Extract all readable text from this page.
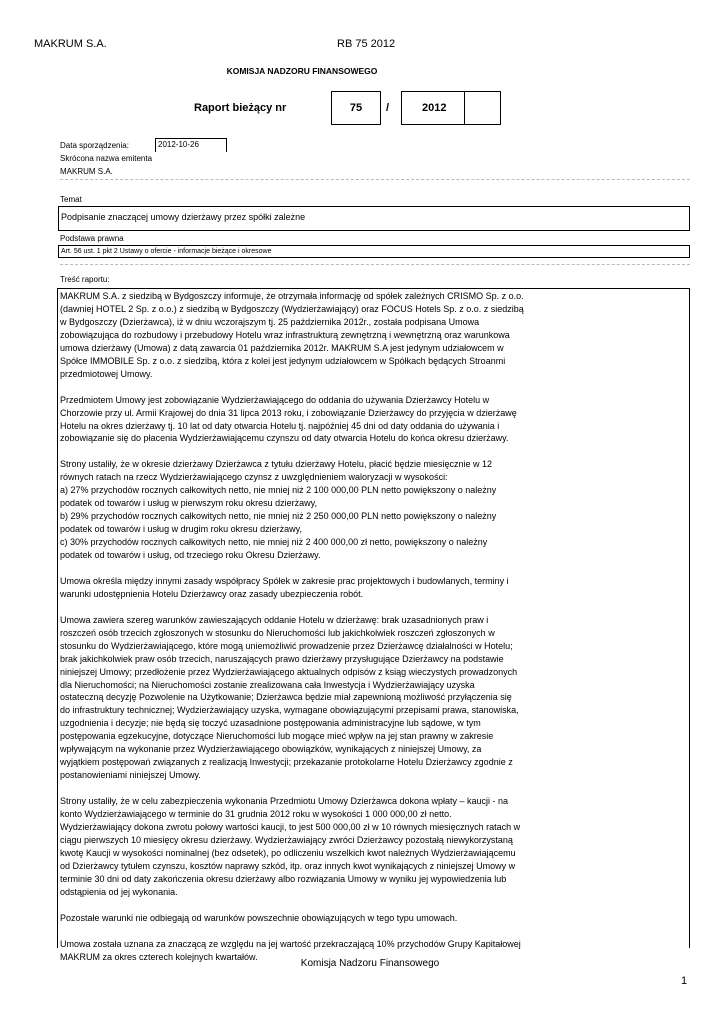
MAKRUM S.A.	RB 75 2012
KOMISJA NADZORU FINANSOWEGO
Raport bieżący nr	75	/	2012
Data sporządzenia:	2012-10-26
Skrócona nazwa emitenta
MAKRUM S.A.
Temat
Podpisanie znaczącej umowy dzierżawy przez spółki zależne
Podstawa prawna
Art. 56 ust. 1 pkt 2 Ustawy o ofercie - informacje bieżące i okresowe
Treść raportu:

MAKRUM S.A. z siedzibą w Bydgoszczy informuje, że otrzymała informację od spółek zależnych CRISMO Sp. z o.o.
(dawniej HOTEL 2 Sp. z o.o.) z siedzibą w Bydgoszczy (Wydzierżawiający) oraz FOCUS Hotels Sp. z o.o. z siedzibą
w Bydgoszczy (Dzierżawca), iż w dniu wczorajszym tj. 25 października 2012r., została podpisana Umowa
zobowiązująca do rozbudowy i przebudowy Hotelu wraz infrastrukturą zewnętrzną i wewnętrzną oraz warunkowa
umowa dzierżawy (Umowa) z datą zawarcia 01 października 2012r. MAKRUM S.A jest jedynym udziałowcem w
Spółce IMMOBILE Sp. z o.o. z siedzibą, która z kolei jest jedynym udziałowcem w Spółkach będących Stroanmi
przedmiotowej Umowy.

Przedmiotem Umowy jest zobowiązanie Wydzierżawiającego do oddania do używania Dzierżawcy Hotelu w
Chorzowie przy ul. Armii Krajowej do dnia 31 lipca 2013 roku, i zobowiązanie Dzierżawcy do przyjęcia w dzierżawę
Hotelu na okres dzierżawy tj. 10 lat od daty otwarcia Hotelu tj. najpóźniej 45 dni od daty oddania do używania i
zobowiązanie się do płacenia Wydzierżawiającemu czynszu od daty otwarcia Hotelu do końca okresu dzierżawy.

Strony ustaliły, że w okresie dzierżawy Dzierżawca z tytułu dzierżawy Hotelu, płacić będzie miesięcznie w 12
równych ratach na rzecz Wydzierżawiającego czynsz z uwzględnieniem waloryzacji w wysokości:
a) 27% przychodów rocznych całkowitych netto, nie mniej niż 2 100 000,00 PLN netto powiększony o należny
podatek od towarów i usług w pierwszym roku okresu dzierżawy,
b) 29% przychodów rocznych całkowitych netto, nie mniej niż 2 250 000,00 PLN netto powiększony o należny
podatek od towarów i usług w drugim roku okresu dzierżawy,
c) 30% przychodów rocznych całkowitych netto, nie mniej niż 2 400 000,00 zł netto, powiększony o należny
podatek od towarów i usług, od trzeciego roku Okresu Dzierżawy.

Umowa określa między innymi zasady współpracy Spółek w zakresie prac projektowych i budowlanych, terminy i
warunki udostępnienia Hotelu Dzierżawcy oraz zasady ubezpieczenia robót.

Umowa zawiera szereg warunków zawieszających oddanie Hotelu w dzierżawę: brak uzasadnionych praw i
roszczeń osób trzecich zgłoszonych w stosunku do Nieruchomości lub jakichkolwiek roszczeń zgłoszonych w
stosunku do Wydzierżawiającego, które mogą uniemożliwić prowadzenie przez Dzierżawcę działalności w Hotelu;
brak jakichkolwiek praw osób trzecich, naruszających prawo dzierżawy przysługujące Dzierżawcy na podstawie
niniejszej Umowy; przedłożenie przez Wydzierżawiającego aktualnych odpisów z ksiąg wieczystych prowadzonych
dla Nieruchomości; na Nieruchomości zostanie zrealizowana cała Inwestycja i Wydzierżawiający uzyska
ostateczną decyzję Pozwolenie na Użytkowanie; Dzierżawca będzie miał zapewnioną możliwość przyłączenia się
do infrastruktury technicznej; Wydzierżawiający uzyska, wymagane obowiązującymi przepisami prawa, stanowiska,
uzgodnienia i decyzje; nie będą się toczyć uzasadnione postępowania administracyjne lub sądowe, w tym
postępowania egzekucyjne, dotyczące Nieruchomości lub mogące mieć wpływ na jej stan prawny w zakresie
wpływającym na wykonanie przez Wydzierżawiającego obowiązków, wynikających z niniejszej Umowy, za
wyjątkiem postępowań związanych z realizacją Inwestycji; przekazanie protokolarne Hotelu Dzierżawcy zgodnie z
postanowieniami niniejszej Umowy.

Strony ustaliły, że w celu zabezpieczenia wykonania Przedmiotu Umowy Dzierżawca dokona wpłaty – kaucji - na
konto Wydzierżawiającego w terminie do 31 grudnia 2012 roku w wysokości 1 000 000,00 zł netto.
Wydzierżawiający dokona zwrotu połowy wartości kaucji, to jest 500 000,00 zł w 10 równych miesięcznych ratach w
ciągu pierwszych 10 miesięcy okresu dzierżawy. Wydzierżawiający zwróci Dzierżawcy pozostałą niewykorzystaną
kwotę Kaucji w wysokości nominalnej (bez odsetek), po odliczeniu wszelkich kwot należnych Wydzierżawiającemu
od Dzierżawcy tytułem czynszu, kosztów naprawy szkód, itp. oraz innych kwot wynikających z niniejszej Umowy w
terminie 30 dni od daty zakończenia okresu dzierżawy albo rozwiązania Umowy w wyniku jej wypowiedzenia lub
odstąpienia od jej wykonania.

Pozostałe warunki nie odbiegają od warunków powszechnie obowiązujących w tego typu umowach.

Umowa została uznana za znaczącą ze względu na jej wartość przekraczającą 10% przychodów Grupy Kapitałowej
MAKRUM za okres czterech kolejnych kwartałów.

Komisja Nadzoru Finansowego
1
